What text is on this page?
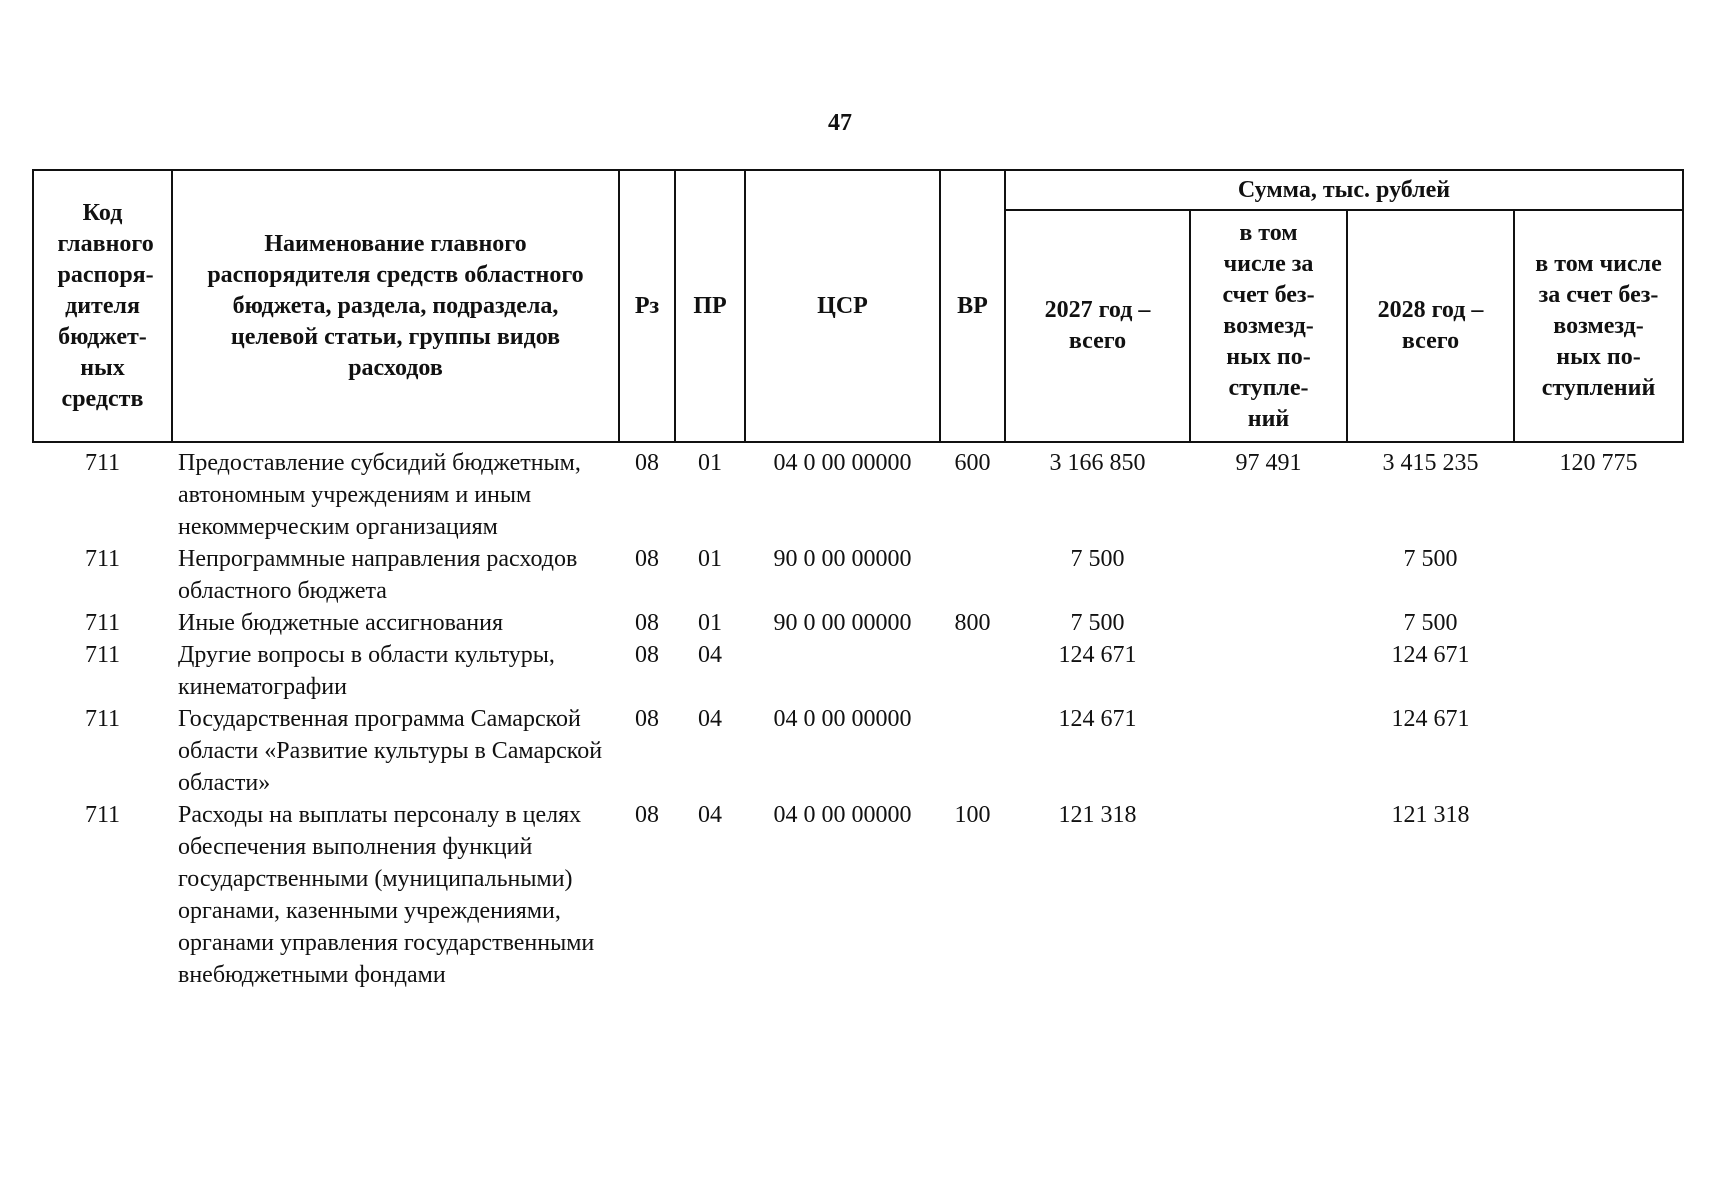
47
Код главного распоря-дителя бюджет-ных средств	Наименование главного распорядителя средств областного бюджета, раздела, подраздела, целевой статьи, группы видов расходов	Рз	ПР	ЦСР	ВР	Сумма, тыс. рублей			

						2027 год – всего	в том числе за счет без-возмезд-ных по-ступле-ний	2028 год – всего	в том числе за счет без-возмезд-ных по-ступлений

711	Предоставление субсидий бюджетным, автономным учреждениям и иным некоммерческим организациям	08	01	04 0 00 00000	600	3 166 850	97 491	3 415 235	120 775
711	Непрограммные направления расходов областного бюджета	08	01	90 0 00 00000		7 500		7 500	
711	Иные бюджетные ассигнования	08	01	90 0 00 00000	800	7 500		7 500	
711	Другие вопросы в области культуры, кинематографии	08	04			124 671		124 671	
711	Государственная программа Самарской области «Развитие культуры в Самарской области»	08	04	04 0 00 00000		124 671		124 671	
711	Расходы на выплаты персоналу в целях обеспечения выполнения функций государственными (муниципальными) органами, казенными учреждениями, органами управления государственными внебюджетными фондами	08	04	04 0 00 00000	100	121 318		121 318	
